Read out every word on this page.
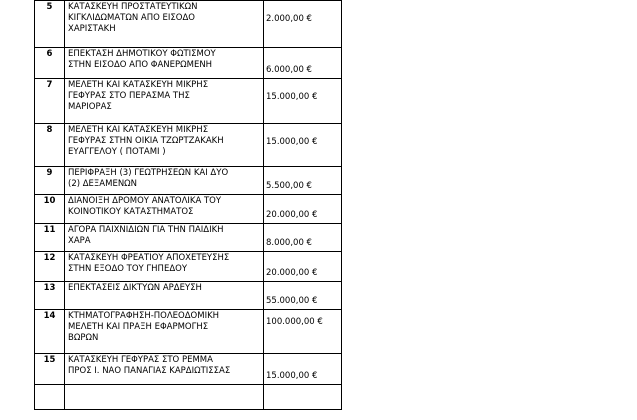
5	ΚΑΤΑΣΚΕΥΗ ΠΡΟΣΤΑΤΕΥΤΙΚΩΝ
ΚΙΓΚΛΙΔΩΜΑΤΩΝ ΑΠΟ ΕΙΣΟΔΟ
ΧΑΡΙΣΤΑΚΗ	2.000,00 €
6	ΕΠΕΚΤΑΣΗ ΔΗΜΟΤΙΚΟΥ ΦΩΤΙΣΜΟΥ
ΣΤΗΝ ΕΙΣΟΔΟ ΑΠΟ ΦΑΝΕΡΩΜΕΝΗ	6.000,00 €
7	ΜΕΛΕΤΗ ΚΑΙ ΚΑΤΑΣΚΕΥΗ ΜΙΚΡΗΣ
ΓΕΦΥΡΑΣ ΣΤΟ ΠΕΡΑΣΜΑ ΤΗΣ
ΜΑΡΙΟΡΑΣ	15.000,00 €
8	ΜΕΛΕΤΗ ΚΑΙ ΚΑΤΑΣΚΕΥΗ ΜΙΚΡΗΣ
ΓΕΦΥΡΑΣ ΣΤΗΝ ΟΙΚΙΑ ΤΖΩΡΤΖΑΚΑΚΗ
ΕΥΑΓΓΕΛΟΥ ( ΠΟΤΑΜΙ )	15.000,00 €
9	ΠΕΡΙΦΡΑΞΗ (3) ΓΕΩΤΡΗΣΕΩΝ ΚΑΙ ΔΥΟ
(2) ΔΕΞΑΜΕΝΩΝ	5.500,00 €
10	ΔΙΑΝΟΙΞΗ ΔΡΟΜΟΥ ΑΝΑΤΟΛΙΚΑ ΤΟΥ
ΚΟΙΝΟΤΙΚΟΥ ΚΑΤΑΣΤΗΜΑΤΟΣ	20.000,00 €
11	ΑΓΟΡΑ ΠΑΙΧΝΙΔΙΩΝ ΓΙΑ ΤΗΝ ΠΑΙΔΙΚΗ
ΧΑΡΑ	8.000,00 €
12	ΚΑΤΑΣΚΕΥΗ ΦΡΕΑΤΙΟΥ ΑΠΟΧΕΤΕΥΣΗΣ
ΣΤΗΝ ΕΞΟΔΟ ΤΟΥ ΓΗΠΕΔΟΥ	20.000,00 €
13	ΕΠΕΚΤΑΣΕΙΣ ΔΙΚΤΥΩΝ ΑΡΔΕΥΣΗ	55.000,00 €
14	ΚΤΗΜΑΤΟΓΡΑΦΗΣΗ-ΠΟΛΕΟΔΟΜΙΚΗ
ΜΕΛΕΤΗ ΚΑΙ ΠΡΑΞΗ ΕΦΑΡΜΟΓΗΣ
ΒΩΡΩΝ	100.000,00 €
15	ΚΑΤΑΣΚΕΥΗ ΓΕΦΥΡΑΣ ΣΤΟ ΡΕΜΜΑ
ΠΡΟΣ Ι. ΝΑΟ ΠΑΝΑΓΙΑΣ ΚΑΡΔΙΩΤΙΣΣΑΣ	15.000,00 €
